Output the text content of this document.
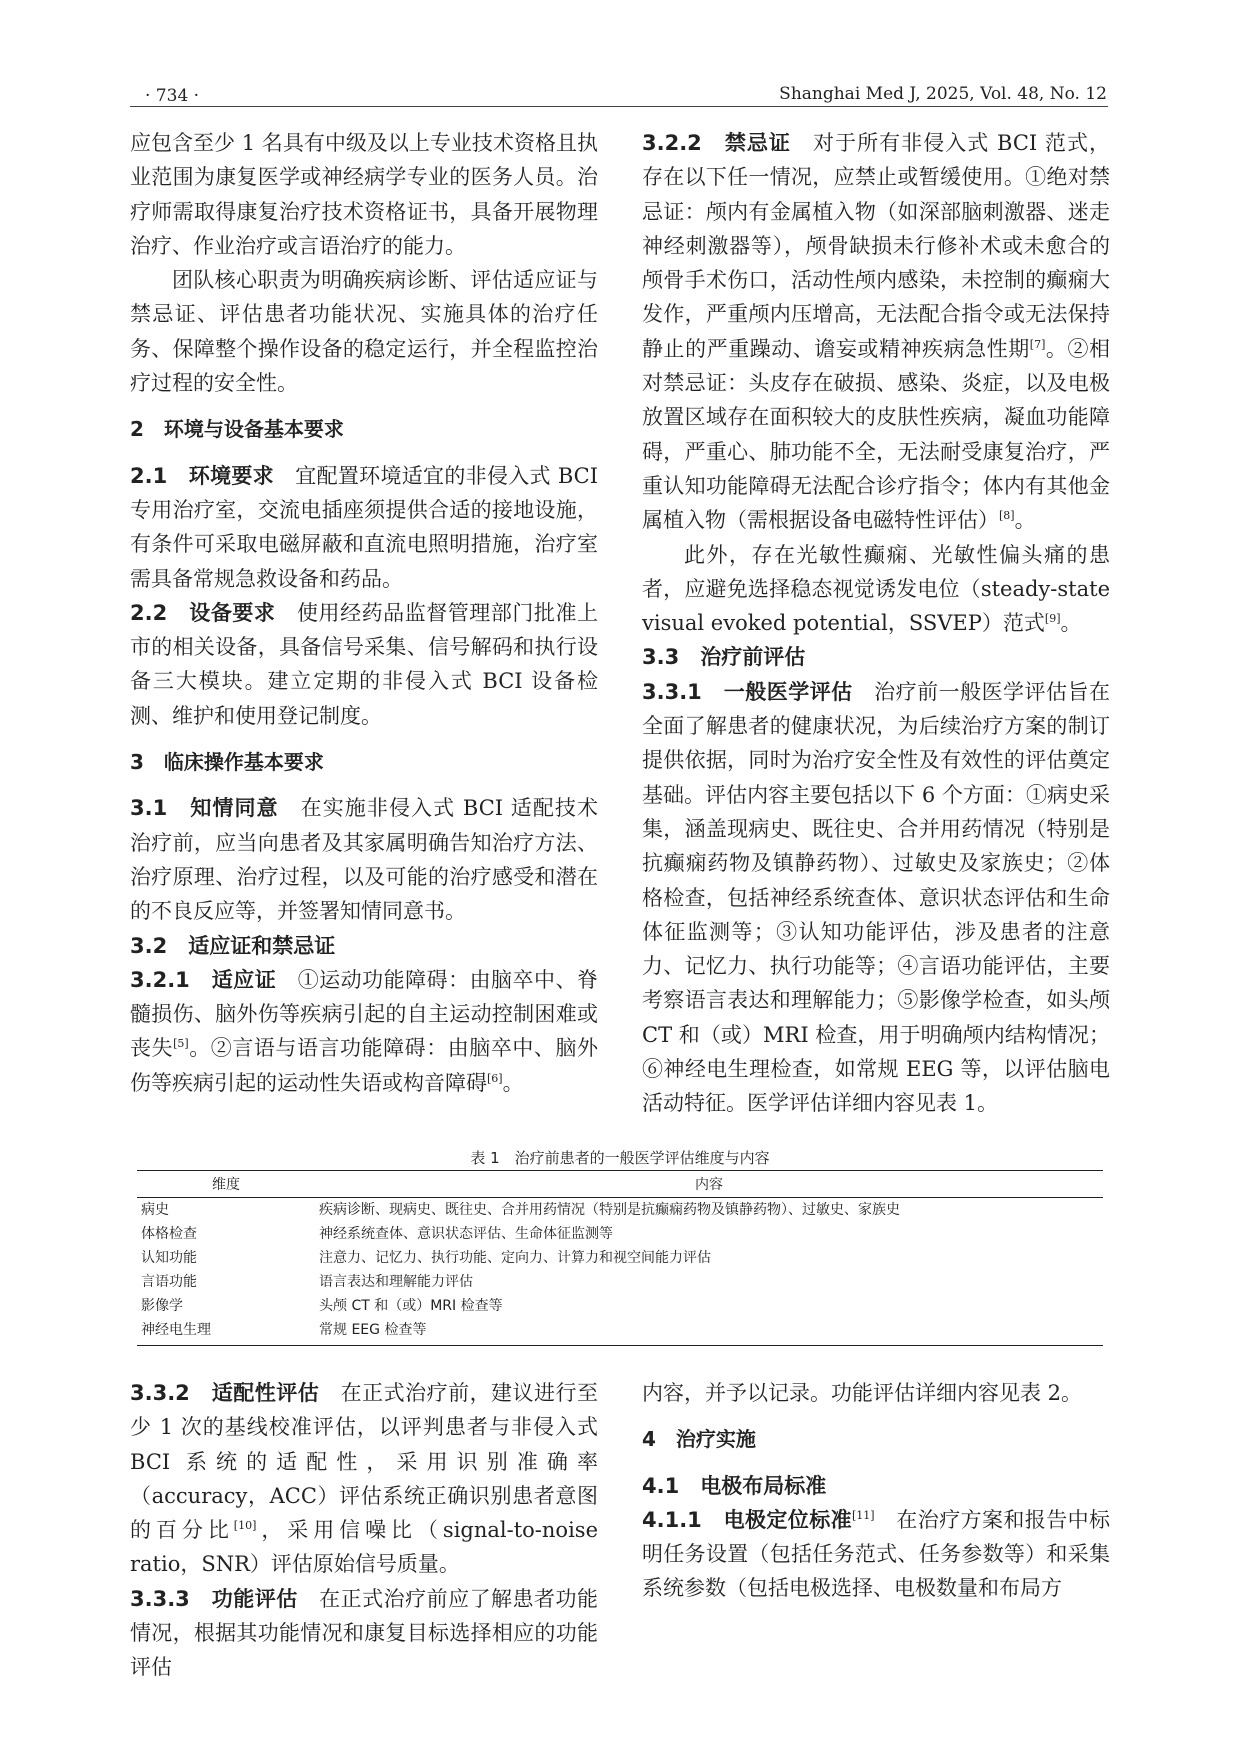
· 734 ·	Shanghai Med J, 2025, Vol. 48, No. 12

应包含至少 1 名具有中级及以上专业技术资格且执业范围为康复医学或神经病学专业的医务人员。治疗师需取得康复治疗技术资格证书，具备开展物理治疗、作业治疗或言语治疗的能力。

团队核心职责为明确疾病诊断、评估适应证与禁忌证、评估患者功能状况、实施具体的治疗任务、保障整个操作设备的稳定运行，并全程监控治疗过程的安全性。

2　环境与设备基本要求

2.1　环境要求　宜配置环境适宜的非侵入式 BCI 专用治疗室，交流电插座须提供合适的接地设施，有条件可采取电磁屏蔽和直流电照明措施，治疗室需具备常规急救设备和药品。

2.2　设备要求　使用经药品监督管理部门批准上市的相关设备，具备信号采集、信号解码和执行设备三大模块。建立定期的非侵入式 BCI 设备检测、维护和使用登记制度。

3　临床操作基本要求

3.1　知情同意　在实施非侵入式 BCI 适配技术治疗前，应当向患者及其家属明确告知治疗方法、治疗原理、治疗过程，以及可能的治疗感受和潜在的不良反应等，并签署知情同意书。

3.2　适应证和禁忌证

3.2.1　适应证　①运动功能障碍：由脑卒中、脊髓损伤、脑外伤等疾病引起的自主运动控制困难或丧失[5]。②言语与语言功能障碍：由脑卒中、脑外伤等疾病引起的运动性失语或构音障碍[6]。

3.2.2　禁忌证　对于所有非侵入式 BCI 范式，存在以下任一情况，应禁止或暂缓使用。①绝对禁忌证：颅内有金属植入物（如深部脑刺激器、迷走神经刺激器等），颅骨缺损未行修补术或未愈合的颅骨手术伤口，活动性颅内感染，未控制的癫痫大发作，严重颅内压增高，无法配合指令或无法保持静止的严重躁动、谵妄或精神疾病急性期[7]。②相对禁忌证：头皮存在破损、感染、炎症，以及电极放置区域存在面积较大的皮肤性疾病，凝血功能障碍，严重心、肺功能不全，无法耐受康复治疗，严重认知功能障碍无法配合诊疗指令；体内有其他金属植入物（需根据设备电磁特性评估）[8]。

此外，存在光敏性癫痫、光敏性偏头痛的患者，应避免选择稳态视觉诱发电位（steady-state visual evoked potential，SSVEP）范式[9]。

3.3　治疗前评估

3.3.1　一般医学评估　治疗前一般医学评估旨在全面了解患者的健康状况，为后续治疗方案的制订提供依据，同时为治疗安全性及有效性的评估奠定基础。评估内容主要包括以下 6 个方面：①病史采集，涵盖现病史、既往史、合并用药情况（特别是抗癫痫药物及镇静药物）、过敏史及家族史；②体格检查，包括神经系统查体、意识状态评估和生命体征监测等；③认知功能评估，涉及患者的注意力、记忆力、执行功能等；④言语功能评估，主要考察语言表达和理解能力；⑤影像学检查，如头颅 CT 和（或）MRI 检查，用于明确颅内结构情况；⑥神经电生理检查，如常规 EEG 等，以评估脑电活动特征。医学评估详细内容见表 1。

表 1　治疗前患者的一般医学评估维度与内容
维度	内容
病史	疾病诊断、现病史、既往史、合并用药情况（特别是抗癫痫药物及镇静药物）、过敏史、家族史
体格检查	神经系统查体、意识状态评估、生命体征监测等
认知功能	注意力、记忆力、执行功能、定向力、计算力和视空间能力评估
言语功能	语言表达和理解能力评估
影像学	头颅 CT 和（或）MRI 检查等
神经电生理	常规 EEG 检查等

3.3.2　适配性评估　在正式治疗前，建议进行至少 1 次的基线校准评估，以评判患者与非侵入式 BCI 系统的适配性，采用识别准确率（accuracy，ACC）评估系统正确识别患者意图的百分比[10]，采用信噪比（signal-to-noise ratio，SNR）评估原始信号质量。

3.3.3　功能评估　在正式治疗前应了解患者功能情况，根据其功能情况和康复目标选择相应的功能评估

内容，并予以记录。功能评估详细内容见表 2。

4　治疗实施

4.1　电极布局标准

4.1.1　电极定位标准[11]　在治疗方案和报告中标明任务设置（包括任务范式、任务参数等）和采集系统参数（包括电极选择、电极数量和布局方
